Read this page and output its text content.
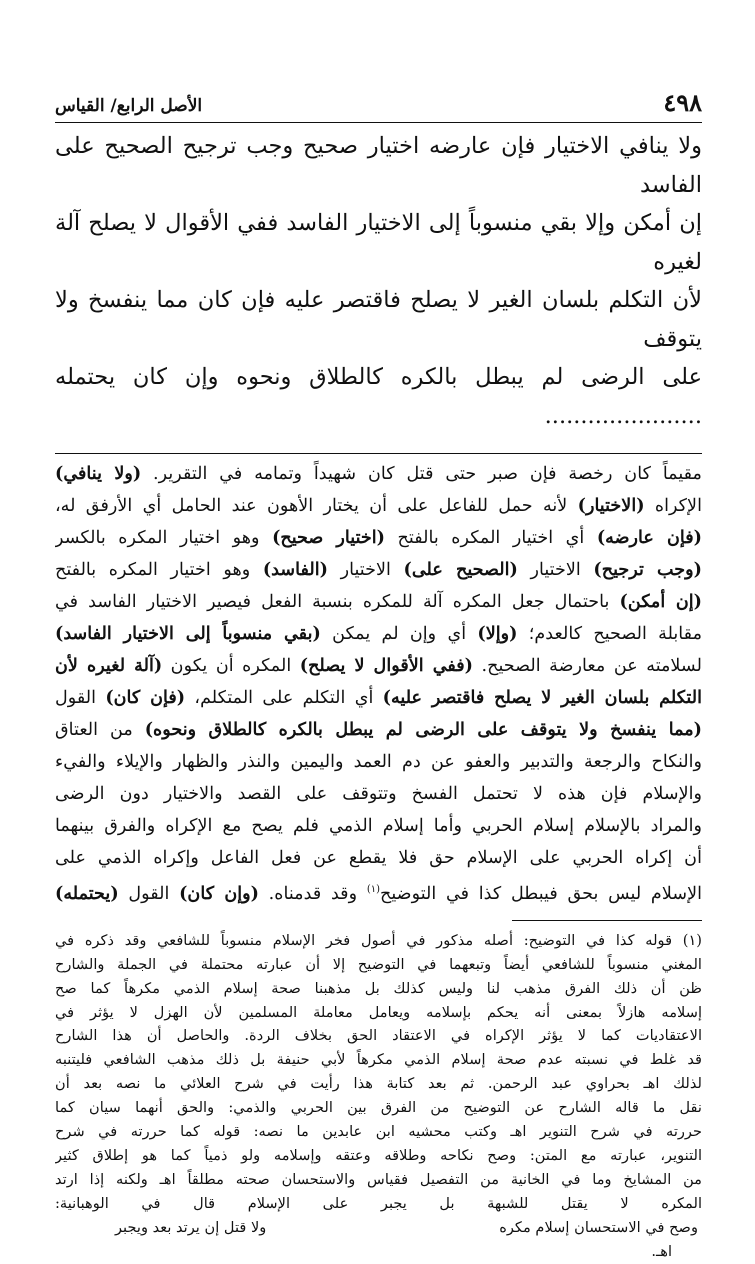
٤٩٨
الأصل الرابع/ القياس

ولا ينافي الاختيار فإن عارضه اختيار صحيح وجب ترجيح الصحيح على الفاسد

إن أمكن وإلا بقي منسوباً إلى الاختيار الفاسد ففي الأقوال لا يصلح آلة لغيره

لأن التكلم بلسان الغير لا يصلح فاقتصر عليه فإن كان مما ينفسخ ولا يتوقف

على الرضى لم يبطل بالكره كالطلاق ونحوه وإن كان يحتمله ......................

مقيماً كان رخصة فإن صبر حتى قتل كان شهيداً وتمامه في التقرير. (ولا ينافي)

الإكراه (الاختيار) لأنه حمل للفاعل على أن يختار الأهون عند الحامل أي الأرفق له،

(فإن عارضه) أي اختيار المكره بالفتح (اختيار صحيح) وهو اختيار المكره بالكسر

(وجب ترجيح) الاختيار (الصحيح على) الاختيار (الفاسد) وهو اختيار المكره بالفتح

(إن أمكن) باحتمال جعل المكره آلة للمكره بنسبة الفعل فيصير الاختيار الفاسد في

مقابلة الصحيح كالعدم؛ (وإلا) أي وإن لم يمكن (بقي منسوباً إلى الاختيار الفاسد)

لسلامته عن معارضة الصحيح. (ففي الأقوال لا يصلح) المكره أن يكون (آلة لغيره لأن

التكلم بلسان الغير لا يصلح فاقتصر عليه) أي التكلم على المتكلم، (فإن كان) القول

(مما ينفسخ ولا يتوقف على الرضى لم يبطل بالكره كالطلاق ونحوه) من العتاق

والنكاح والرجعة والتدبير والعفو عن دم العمد واليمين والنذر والظهار والإيلاء والفيء

والإسلام فإن هذه لا تحتمل الفسخ وتتوقف على القصد والاختيار دون الرضى

والمراد بالإسلام إسلام الحربي وأما إسلام الذمي فلم يصح مع الإكراه والفرق بينهما

أن إكراه الحربي على الإسلام حق فلا يقطع عن فعل الفاعل وإكراه الذمي على

الإسلام ليس بحق فيبطل كذا في التوضيح$^{(١)}$ وقد قدمناه. (وإن كان) القول (يحتمله)

(١) قوله كذا في التوضيح: أصله مذكور في أصول فخر الإسلام منسوباً للشافعي وقد ذكره في

المغني منسوباً للشافعي أيضاً وتبعهما في التوضيح إلا أن عبارته محتملة في الجملة والشارح

ظن أن ذلك الفرق مذهب لنا وليس كذلك بل مذهبنا صحة إسلام الذمي مكرهاً كما صح

إسلامه هازلاً بمعنى أنه يحكم بإسلامه ويعامل معاملة المسلمين لأن الهزل لا يؤثر في

الاعتقاديات كما لا يؤثر الإكراه في الاعتقاد الحق بخلاف الردة. والحاصل أن هذا الشارح

قد غلط في نسبته عدم صحة إسلام الذمي مكرهاً لأبي حنيفة بل ذلك مذهب الشافعي فليتنبه

لذلك اهـ بحراوي عبد الرحمن. ثم بعد كتابة هذا رأيت في شرح العلائي ما نصه بعد أن

نقل ما قاله الشارح عن التوضيح من الفرق بين الحربي والذمي: والحق أنهما سيان كما

حررته في شرح التنوير اهـ وكتب محشيه ابن عابدين ما نصه: قوله كما حررته في شرح

التنوير، عبارته مع المتن: وصح نكاحه وطلاقه وعتقه وإسلامه ولو ذمياً كما هو إطلاق كثير

من المشايخ وما في الخانية من التفصيل فقياس والاستحسان صحته مطلقاً اهـ ولكنه إذا ارتد

المكره لا يقتل للشبهة بل يجبر على الإسلام قال في الوهبانية:

وصح في الاستحسان إسلام مكره
ولا قتل إن يرتد بعد ويجبر
اهـ.
